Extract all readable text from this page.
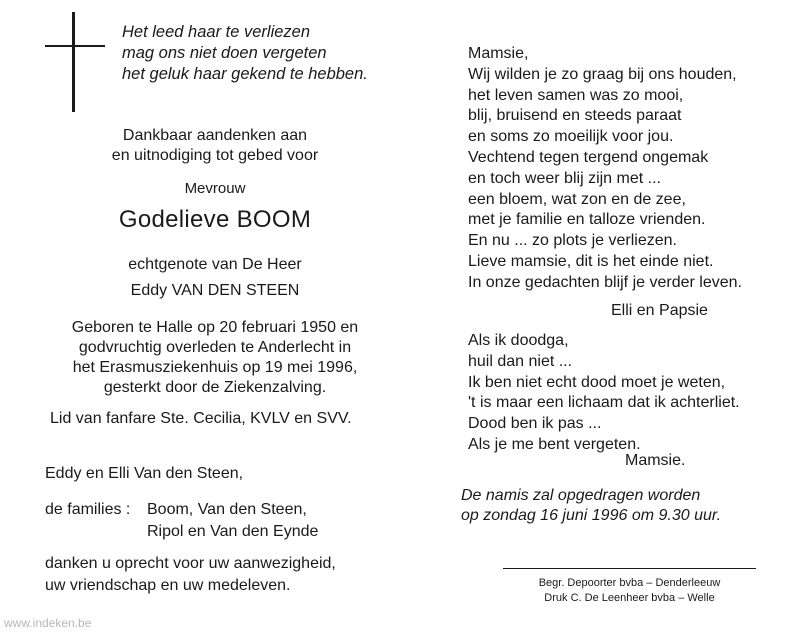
Het leed haar te verliezen
mag ons niet doen vergeten
het geluk haar gekend te hebben.
Dankbaar aandenken aan
en uitnodiging tot gebed voor
Mevrouw
Godelieve BOOM
echtgenote van De Heer
Eddy VAN DEN STEEN
Geboren te Halle op 20 februari 1950 en
godvruchtig overleden te Anderlecht in
het Erasmusziekenhuis op 19 mei 1996,
gesterkt door de Ziekenzalving.
Lid van fanfare Ste. Cecilia, KVLV en SVV.
Eddy en Elli Van den Steen,
de families : Boom, Van den Steen,
Ripol en Van den Eynde
danken u oprecht voor uw aanwezigheid,
uw vriendschap en uw medeleven.
Mamsie,
Wij wilden je zo graag bij ons houden,
het leven samen was zo mooi,
blij, bruisend en steeds paraat
en soms zo moeilijk voor jou.
Vechtend tegen tergend ongemak
en toch weer blij zijn met ...
een bloem, wat zon en de zee,
met je familie en talloze vrienden.
En nu ... zo plots je verliezen.
Lieve mamsie, dit is het einde niet.
In onze gedachten blijf je verder leven.
Elli en Papsie
Als ik doodga,
huil dan niet ...
Ik ben niet echt dood moet je weten,
't is maar een lichaam dat ik achterliet.
Dood ben ik pas ...
Als je me bent vergeten.
Mamsie.
De namis zal opgedragen worden
op zondag 16 juni 1996 om 9.30 uur.
Begr. Depoorter bvba – Denderleeuw
Druk C. De Leenheer bvba – Welle
www.indeken.be
